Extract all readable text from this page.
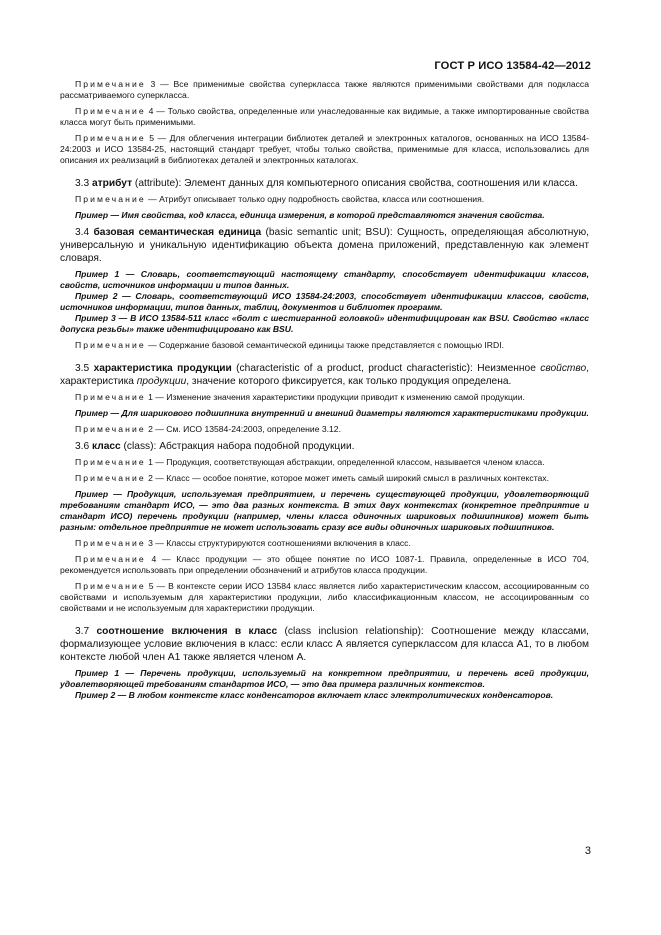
ГОСТ Р ИСО 13584-42—2012

Примечание 3 — Все применимые свойства суперкласса также являются применимыми свойствами для подкласса рассматриваемого суперкласса.

Примечание 4 — Только свойства, определенные или унаследованные как видимые, а также импортированные свойства класса могут быть применимыми.

Примечание 5 — Для облегчения интеграции библиотек деталей и электронных каталогов, основанных на ИСО 13584-24:2003 и ИСО 13584-25, настоящий стандарт требует, чтобы только свойства, применимые для класса, использовались для описания их реализаций в библиотеках деталей и электронных каталогах.

3.3 атрибут (attribute): Элемент данных для компьютерного описания свойства, соотношения или класса.

Примечание — Атрибут описывает только одну подробность свойства, класса или соотношения.

Пример — Имя свойства, код класса, единица измерения, в которой представляются значения свойства.

3.4 базовая семантическая единица (basic semantic unit; BSU): Сущность, определяющая абсолютную, универсальную и уникальную идентификацию объекта домена приложений, представленную как элемент словаря.

Пример 1 — Словарь, соответствующий настоящему стандарту, способствует идентификации классов, свойств, источников информации и типов данных.

Пример 2 — Словарь, соответствующий ИСО 13584-24:2003, способствует идентификации классов, свойств, источников информации, типов данных, таблиц, документов и библиотек программ.

Пример 3 — В ИСО 13584-511 класс «болт с шестигранной головкой» идентифицирован как BSU. Свойство «класс допуска резьбы» также идентифицировано как BSU.

Примечание — Содержание базовой семантической единицы также представляется с помощью IRDI.

3.5 характеристика продукции (characteristic of a product, product characteristic): Неизменное свойство, характеристика продукции, значение которого фиксируется, как только продукция определена.

Примечание 1 — Изменение значения характеристики продукции приводит к изменению самой продукции.

Пример — Для шарикового подшипника внутренний и внешний диаметры являются характеристиками продукции.

Примечание 2 — См. ИСО 13584-24:2003, определение 3.12.

3.6 класс (class): Абстракция набора подобной продукции.

Примечание 1 — Продукция, соответствующая абстракции, определенной классом, называется членом класса.

Примечание 2 — Класс — особое понятие, которое может иметь самый широкий смысл в различных контекстах.

Пример — Продукция, используемая предприятием, и перечень существующей продукции, удовлетворяющий требованиям стандарт ИСО, — это два разных контекста. В этих двух контекстах (конкретное предприятие и стандарт ИСО) перечень продукции (например, члены класса одиночных шариковых подшипников) может быть разным: отдельное предприятие не может использовать сразу все виды одиночных шариковых подшипников.

Примечание 3 — Классы структурируются соотношениями включения в класс.

Примечание 4 — Класс продукции — это общее понятие по ИСО 1087-1. Правила, определенные в ИСО 704, рекомендуется использовать при определении обозначений и атрибутов класса продукции.

Примечание 5 — В контексте серии ИСО 13584 класс является либо характеристическим классом, ассоциированным со свойствами и используемым для характеристики продукции, либо классификационным классом, не ассоциированным со свойствами и не используемым для характеристики продукции.

3.7 соотношение включения в класс (class inclusion relationship): Соотношение между классами, формализующее условие включения в класс: если класс А является суперклассом для класса А1, то в любом контексте любой член А1 также является членом А.

Пример 1 — Перечень продукции, используемый на конкретном предприятии, и перечень всей продукции, удовлетворяющей требованиям стандартов ИСО, — это два примера различных контекстов.

Пример 2 — В любом контексте класс конденсаторов включает класс электролитических конденсаторов.

3
